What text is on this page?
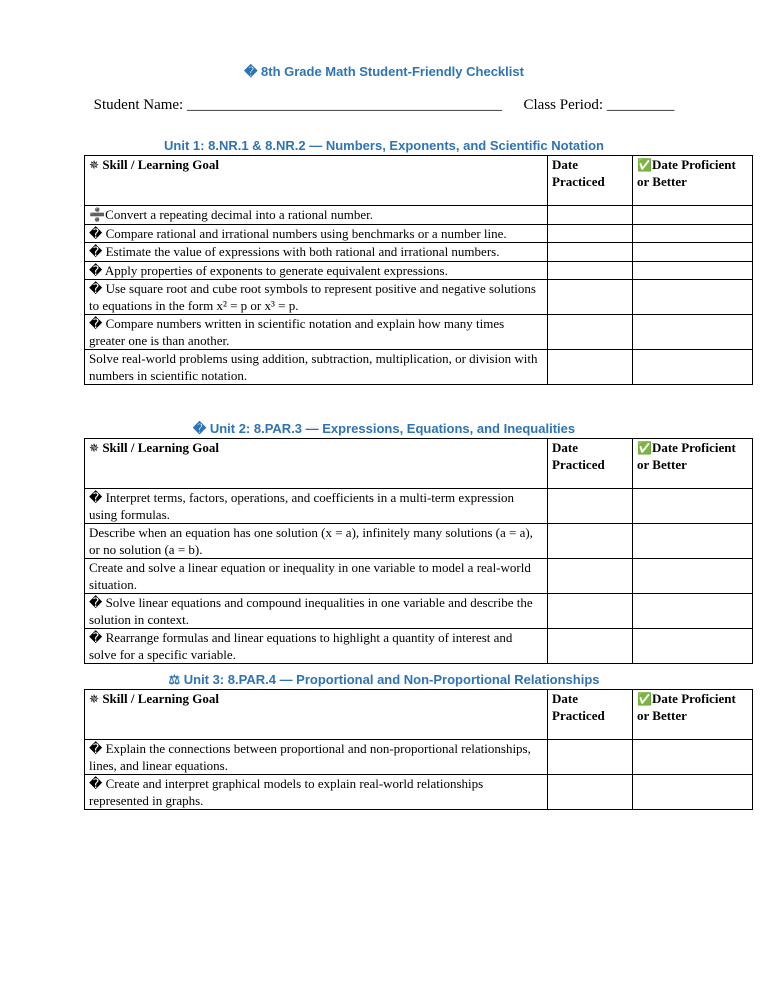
� 8th Grade Math Student-Friendly Checklist
Student Name: __________________________________________ Class Period: _________
Unit 1: 8.NR.1 & 8.NR.2 — Numbers, Exponents, and Scientific Notation
✵ Skill / Learning Goal	Date Practiced	✅Date Proficient or Better
➗Convert a repeating decimal into a rational number.		
� Compare rational and irrational numbers using benchmarks or a number line.		
� Estimate the value of expressions with both rational and irrational numbers.		
� Apply properties of exponents to generate equivalent expressions.		
� Use square root and cube root symbols to represent positive and negative solutions to equations in the form x² = p or x³ = p.		
� Compare numbers written in scientific notation and explain how many times greater one is than another.		
Solve real-world problems using addition, subtraction, multiplication, or division with numbers in scientific notation.		
� Unit 2: 8.PAR.3 — Expressions, Equations, and Inequalities
✵ Skill / Learning Goal	Date Practiced	✅Date Proficient or Better
� Interpret terms, factors, operations, and coefficients in a multi-term expression using formulas.		
Describe when an equation has one solution (x = a), infinitely many solutions (a = a), or no solution (a = b).		
Create and solve a linear equation or inequality in one variable to model a real-world situation.		
� Solve linear equations and compound inequalities in one variable and describe the solution in context.		
� Rearrange formulas and linear equations to highlight a quantity of interest and solve for a specific variable.		
⚖ Unit 3: 8.PAR.4 — Proportional and Non-Proportional Relationships
✵ Skill / Learning Goal	Date Practiced	✅Date Proficient or Better
� Explain the connections between proportional and non-proportional relationships, lines, and linear equations.		
� Create and interpret graphical models to explain real-world relationships represented in graphs.		
